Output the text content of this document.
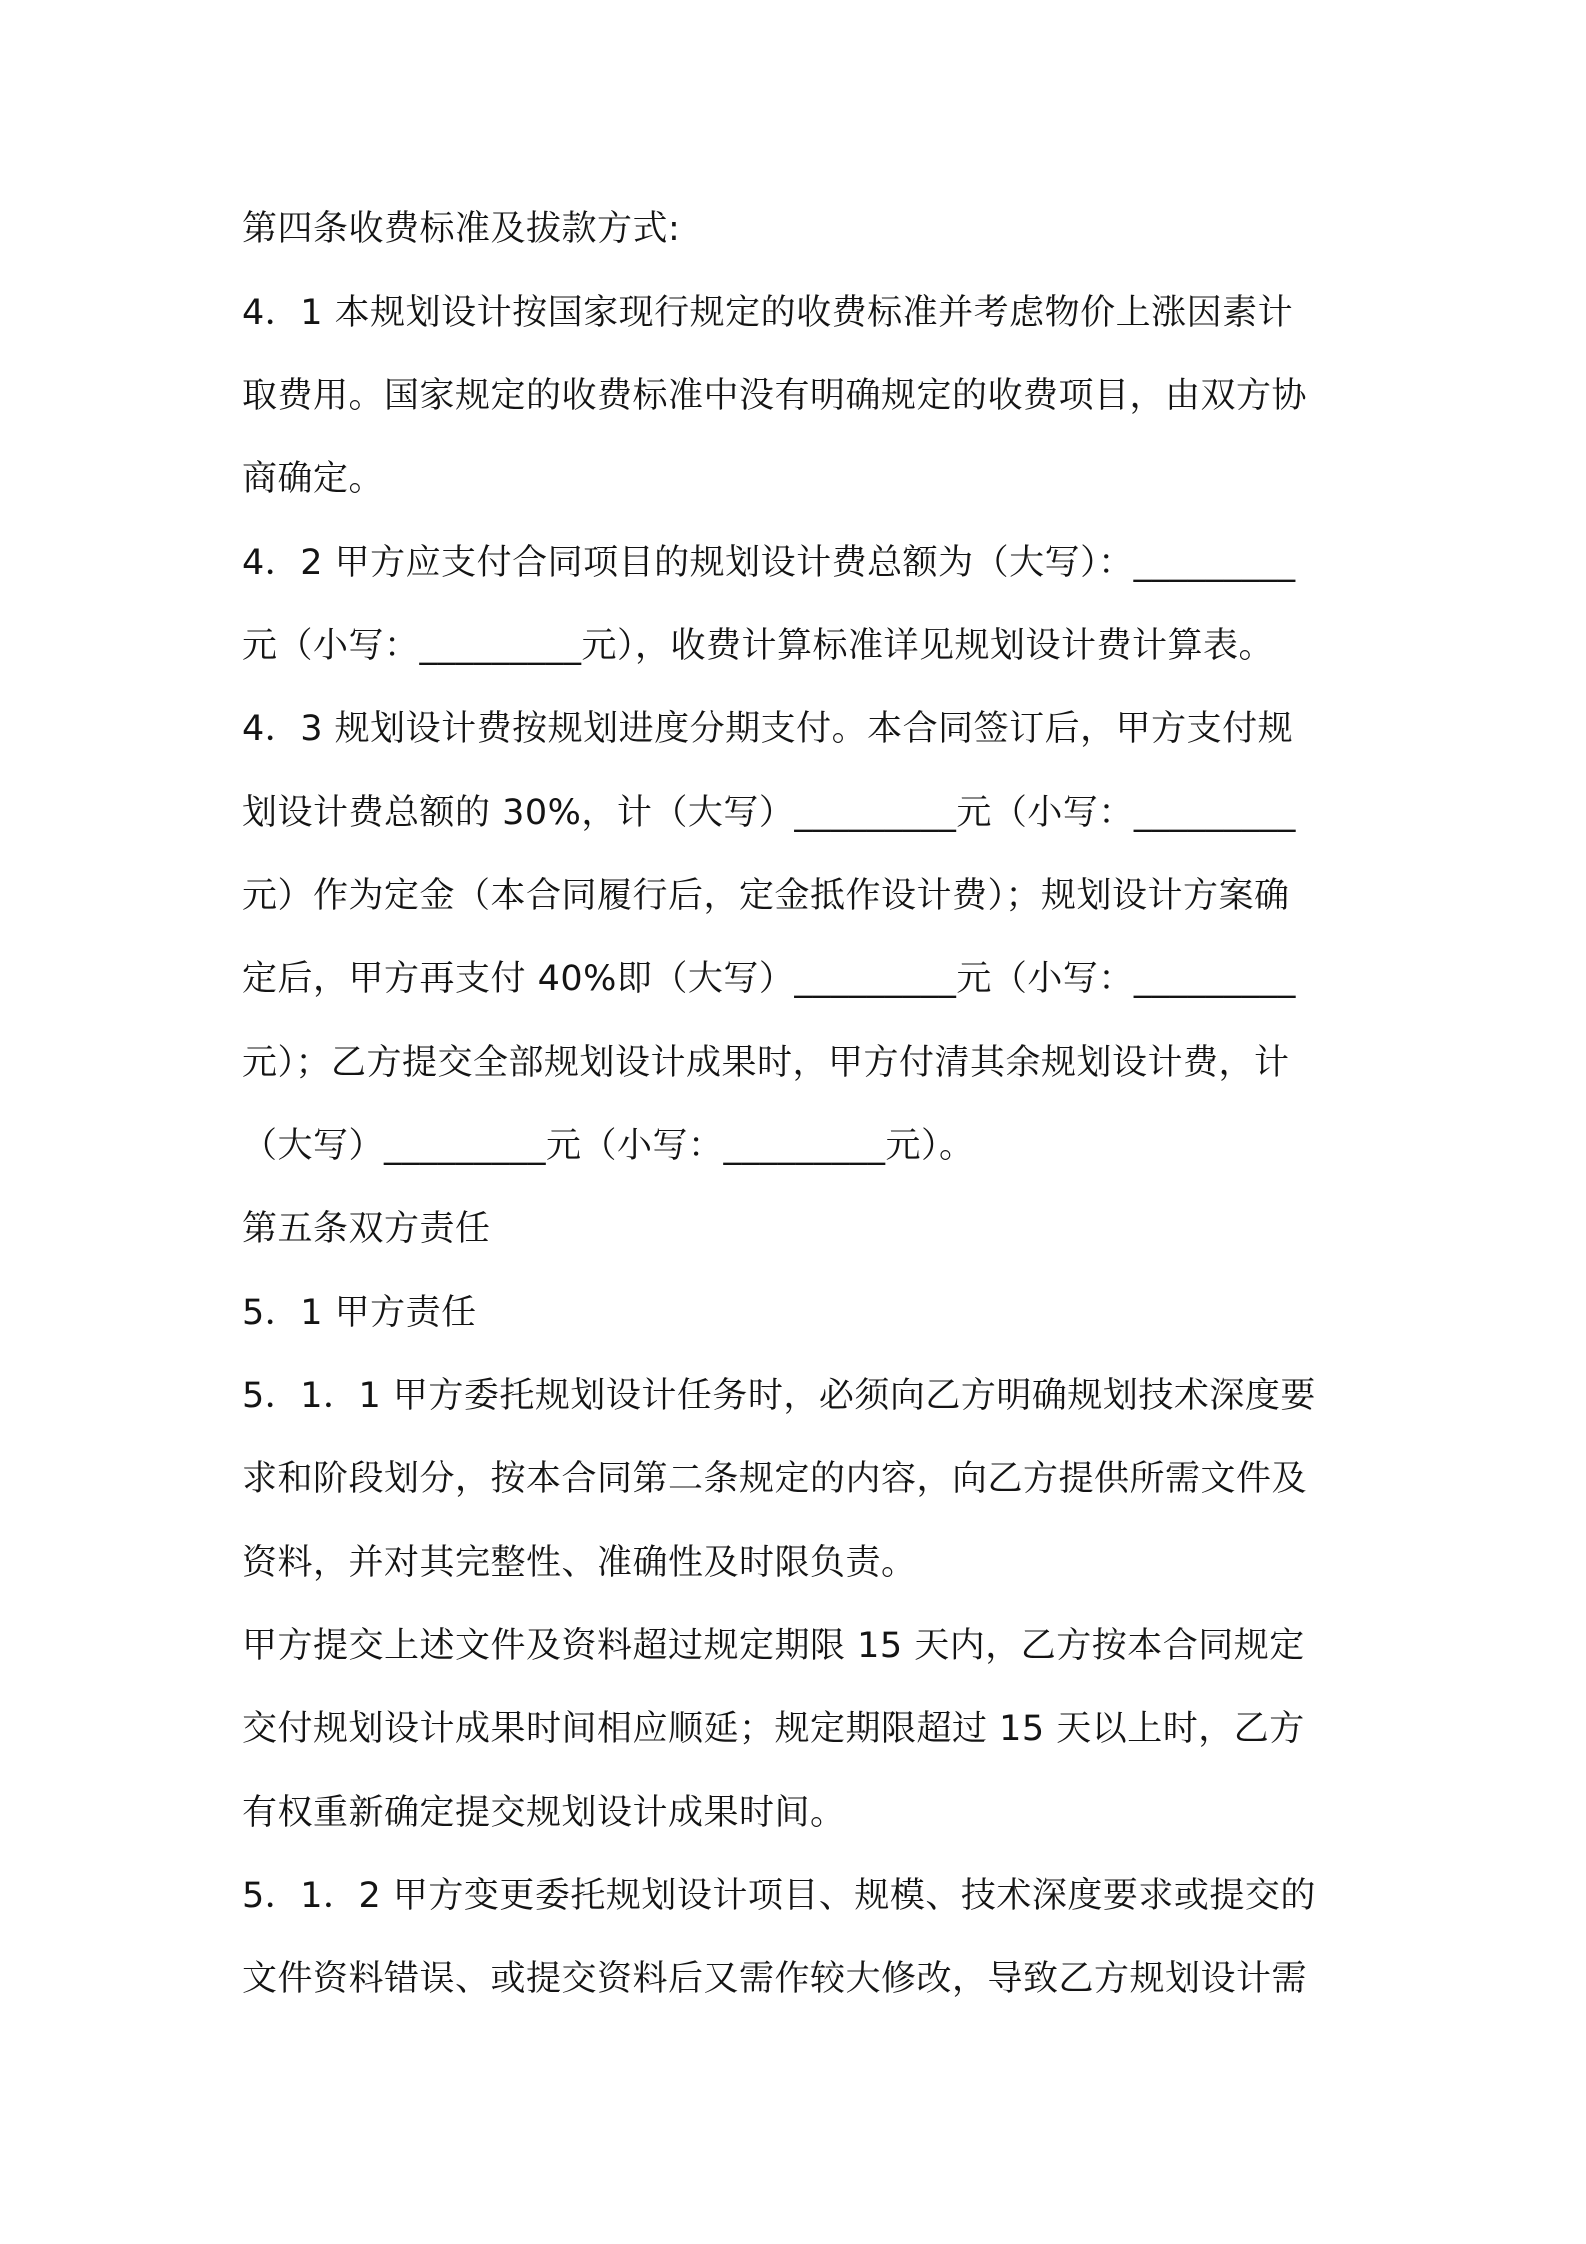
第四条收费标准及拔款方式:
4．1 本规划设计按国家现行规定的收费标准并考虑物价上涨因素计
取费用。国家规定的收费标准中没有明确规定的收费项目，由双方协
商确定。
4．2 甲方应支付合同项目的规划设计费总额为（大写）：_________
元（小写：_________元），收费计算标准详见规划设计费计算表。
4．3 规划设计费按规划进度分期支付。本合同签订后，甲方支付规
划设计费总额的 30%，计（大写）_________元（小写：_________
元）作为定金（本合同履行后，定金抵作设计费）；规划设计方案确
定后，甲方再支付 40%即（大写）_________元（小写：_________
元）；乙方提交全部规划设计成果时，甲方付清其余规划设计费，计
（大写）_________元（小写：_________元）。
第五条双方责任
5．1 甲方责任
5．1．1 甲方委托规划设计任务时，必须向乙方明确规划技术深度要
求和阶段划分，按本合同第二条规定的内容，向乙方提供所需文件及
资料，并对其完整性、准确性及时限负责。
甲方提交上述文件及资料超过规定期限 15 天内，乙方按本合同规定
交付规划设计成果时间相应顺延；规定期限超过 15 天以上时，乙方
有权重新确定提交规划设计成果时间。
5．1．2 甲方变更委托规划设计项目、规模、技术深度要求或提交的
文件资料错误、或提交资料后又需作较大修改，导致乙方规划设计需
